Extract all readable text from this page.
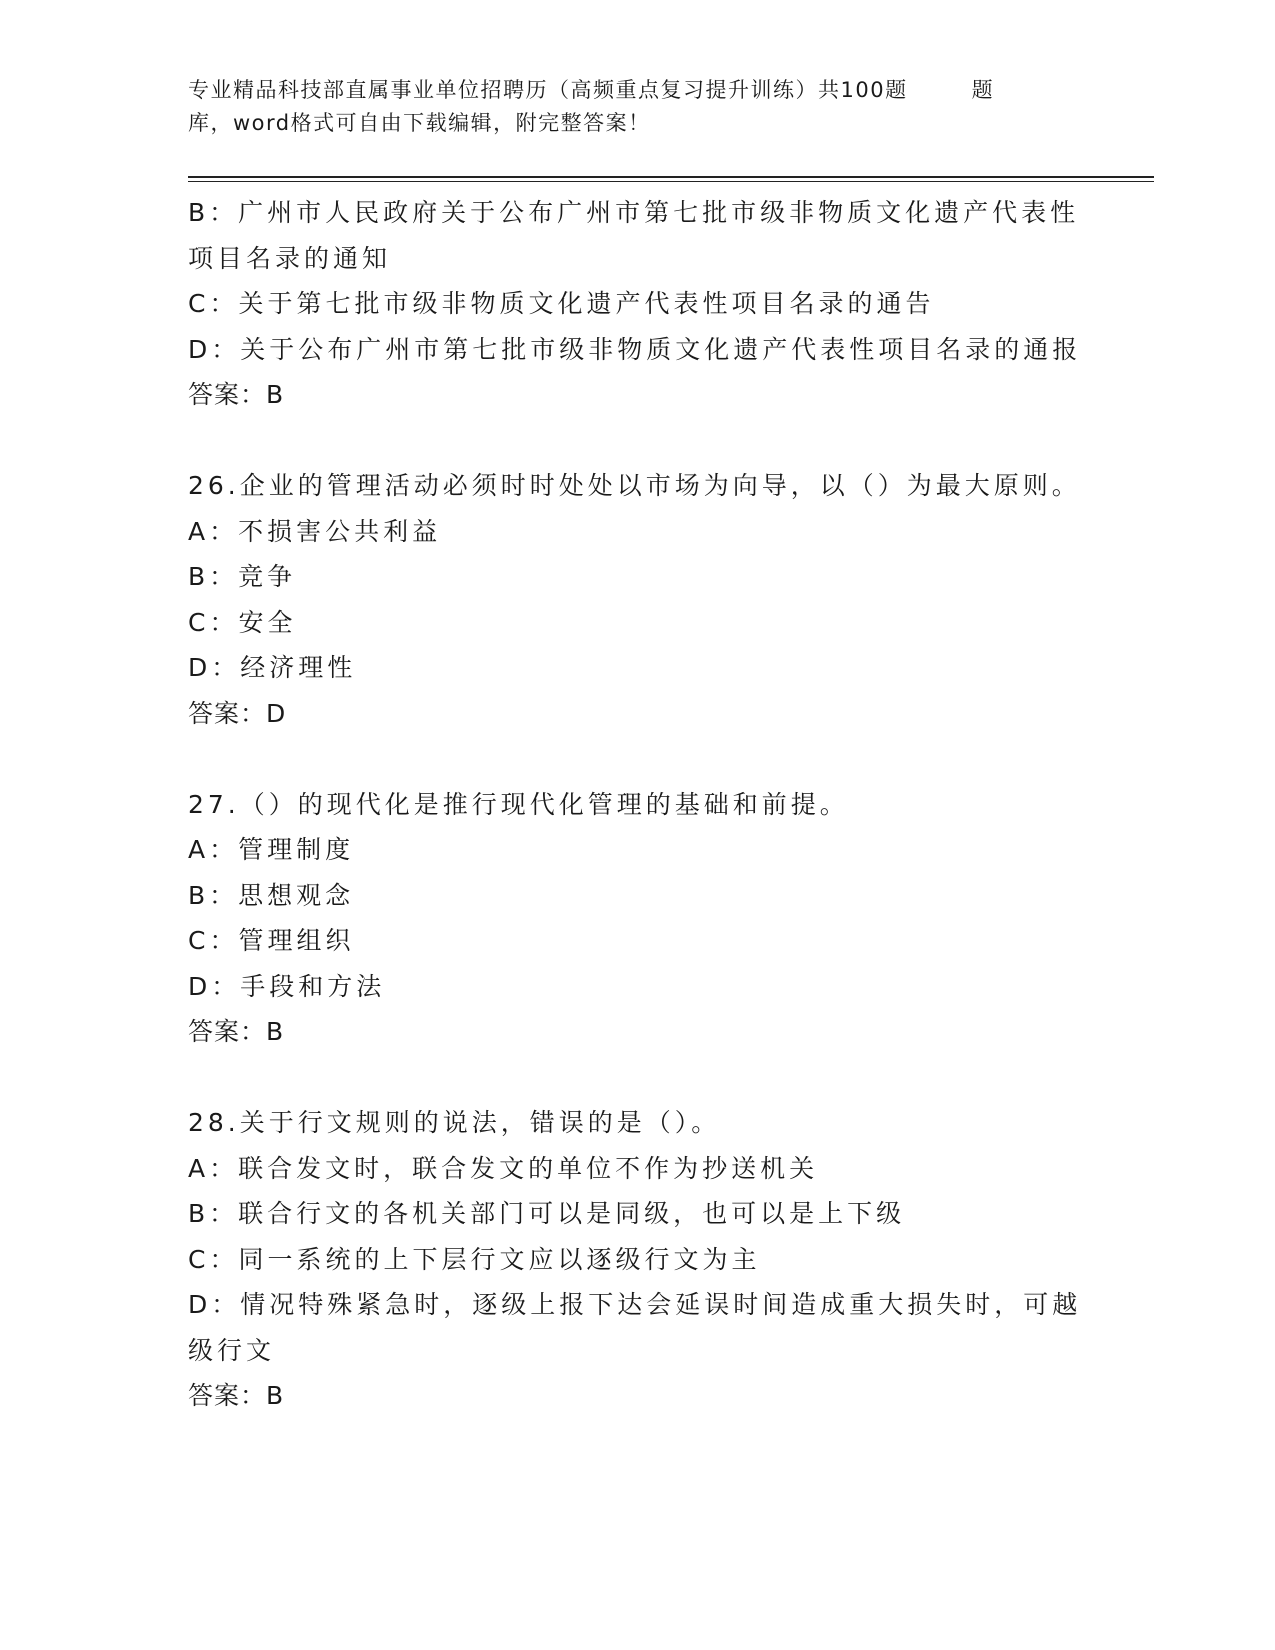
专业精品科技部直属事业单位招聘历（高频重点复习提升训练）共100题	题
库，word格式可自由下载编辑，附完整答案！
B：广州市人民政府关于公布广州市第七批市级非物质文化遗产代表性
项目名录的通知
C：关于第七批市级非物质文化遗产代表性项目名录的通告
D：关于公布广州市第七批市级非物质文化遗产代表性项目名录的通报
答案：B
26.企业的管理活动必须时时处处以市场为向导，以（）为最大原则。
A：不损害公共利益
B：竞争
C：安全
D：经济理性
答案：D
27.（）的现代化是推行现代化管理的基础和前提。
A：管理制度
B：思想观念
C：管理组织
D：手段和方法
答案：B
28.关于行文规则的说法，错误的是（）。
A：联合发文时，联合发文的单位不作为抄送机关
B：联合行文的各机关部门可以是同级，也可以是上下级
C：同一系统的上下层行文应以逐级行文为主
D：情况特殊紧急时，逐级上报下达会延误时间造成重大损失时，可越
级行文
答案：B
